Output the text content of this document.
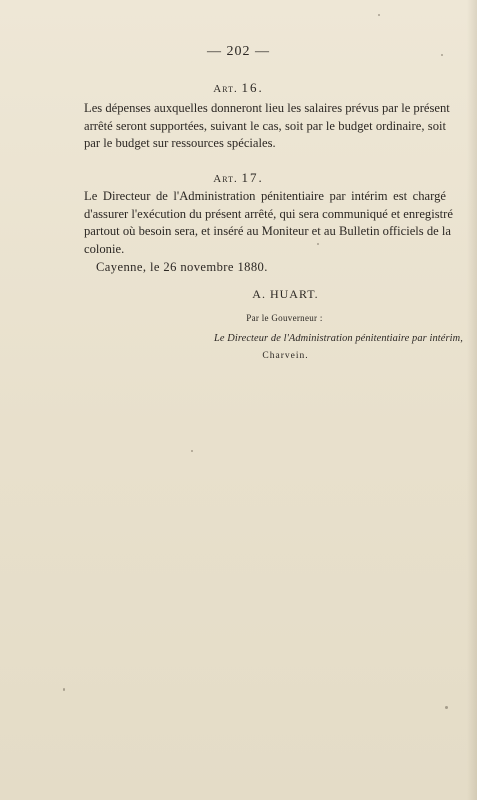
— 202 —
Art. 16.
Les dépenses auxquelles donneront lieu les salaires prévus par le présent
arrêté seront supportées, suivant le cas, soit par le budget ordinaire, soit
par le budget sur ressources spéciales.
Art. 17.
Le Directeur de l'Administration pénitentiaire par intérim est chargé
d'assurer l'exécution du présent arrêté, qui sera communiqué et enregistré
partout où besoin sera, et inséré au Moniteur et au Bulletin officiels de la
colonie.
Cayenne, le 26 novembre 1880.
A. HUART.
Par le Gouverneur :
Le Directeur de l'Administration pénitentiaire par intérim,
Charvein.
